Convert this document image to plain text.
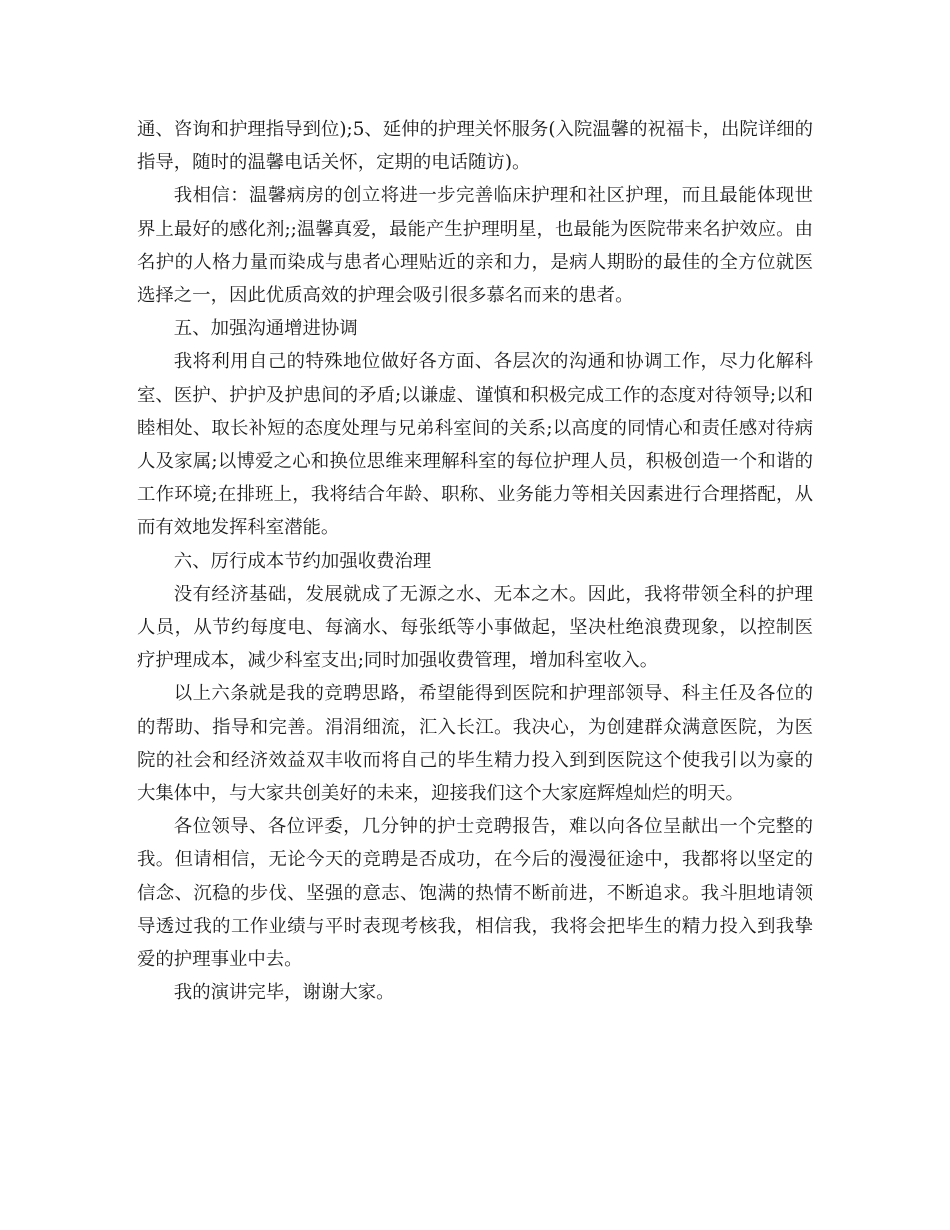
通、咨询和护理指导到位);5、延伸的护理关怀服务(入院温馨的祝福卡，出院详细的指导，随时的温馨电话关怀，定期的电话随访)。

我相信：温馨病房的创立将进一步完善临床护理和社区护理，而且最能体现世界上最好的感化剂;;温馨真爱，最能产生护理明星，也最能为医院带来名护效应。由名护的人格力量而染成与患者心理贴近的亲和力，是病人期盼的最佳的全方位就医选择之一，因此优质高效的护理会吸引很多慕名而来的患者。

五、加强沟通增进协调

我将利用自己的特殊地位做好各方面、各层次的沟通和协调工作，尽力化解科室、医护、护护及护患间的矛盾;以谦虚、谨慎和积极完成工作的态度对待领导;以和睦相处、取长补短的态度处理与兄弟科室间的关系;以高度的同情心和责任感对待病人及家属;以博爱之心和换位思维来理解科室的每位护理人员，积极创造一个和谐的工作环境;在排班上，我将结合年龄、职称、业务能力等相关因素进行合理搭配，从而有效地发挥科室潜能。

六、厉行成本节约加强收费治理

没有经济基础，发展就成了无源之水、无本之木。因此，我将带领全科的护理人员，从节约每度电、每滴水、每张纸等小事做起，坚决杜绝浪费现象，以控制医疗护理成本，减少科室支出;同时加强收费管理，增加科室收入。

以上六条就是我的竞聘思路，希望能得到医院和护理部领导、科主任及各位的的帮助、指导和完善。涓涓细流，汇入长江。我决心，为创建群众满意医院，为医院的社会和经济效益双丰收而将自己的毕生精力投入到到医院这个使我引以为豪的大集体中，与大家共创美好的未来，迎接我们这个大家庭辉煌灿烂的明天。

各位领导、各位评委，几分钟的护士竞聘报告，难以向各位呈献出一个完整的我。但请相信，无论今天的竞聘是否成功，在今后的漫漫征途中，我都将以坚定的信念、沉稳的步伐、坚强的意志、饱满的热情不断前进，不断追求。我斗胆地请领导透过我的工作业绩与平时表现考核我，相信我，我将会把毕生的精力投入到我挚爱的护理事业中去。

我的演讲完毕，谢谢大家。
